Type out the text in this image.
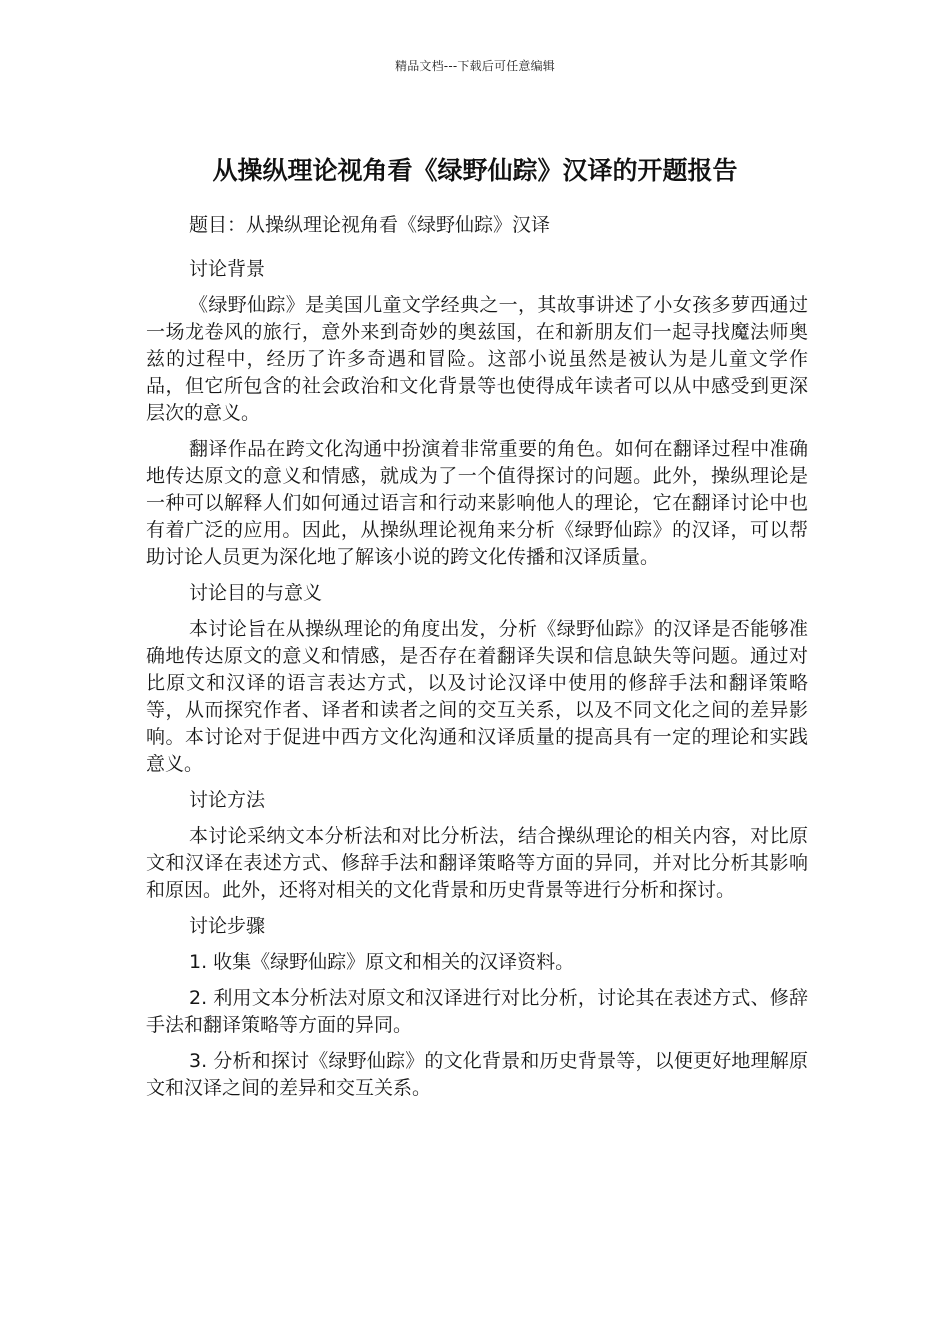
精品文档---下载后可任意编辑
从操纵理论视角看《绿野仙踪》汉译的开题报告

题目：从操纵理论视角看《绿野仙踪》汉译

讨论背景

《绿野仙踪》是美国儿童文学经典之一，其故事讲述了小女孩多萝西通过一场龙卷风的旅行，意外来到奇妙的奥兹国，在和新朋友们一起寻找魔法师奥兹的过程中，经历了许多奇遇和冒险。这部小说虽然是被认为是儿童文学作品，但它所包含的社会政治和文化背景等也使得成年读者可以从中感受到更深层次的意义。

翻译作品在跨文化沟通中扮演着非常重要的角色。如何在翻译过程中准确地传达原文的意义和情感，就成为了一个值得探讨的问题。此外，操纵理论是一种可以解释人们如何通过语言和行动来影响他人的理论，它在翻译讨论中也有着广泛的应用。因此，从操纵理论视角来分析《绿野仙踪》的汉译，可以帮助讨论人员更为深化地了解该小说的跨文化传播和汉译质量。

讨论目的与意义

本讨论旨在从操纵理论的角度出发，分析《绿野仙踪》的汉译是否能够准确地传达原文的意义和情感，是否存在着翻译失误和信息缺失等问题。通过对比原文和汉译的语言表达方式，以及讨论汉译中使用的修辞手法和翻译策略等，从而探究作者、译者和读者之间的交互关系，以及不同文化之间的差异影响。本讨论对于促进中西方文化沟通和汉译质量的提高具有一定的理论和实践意义。

讨论方法

本讨论采纳文本分析法和对比分析法，结合操纵理论的相关内容，对比原文和汉译在表述方式、修辞手法和翻译策略等方面的异同，并对比分析其影响和原因。此外，还将对相关的文化背景和历史背景等进行分析和探讨。

讨论步骤

1. 收集《绿野仙踪》原文和相关的汉译资料。

2. 利用文本分析法对原文和汉译进行对比分析，讨论其在表述方式、修辞手法和翻译策略等方面的异同。

3. 分析和探讨《绿野仙踪》的文化背景和历史背景等，以便更好地理解原文和汉译之间的差异和交互关系。
